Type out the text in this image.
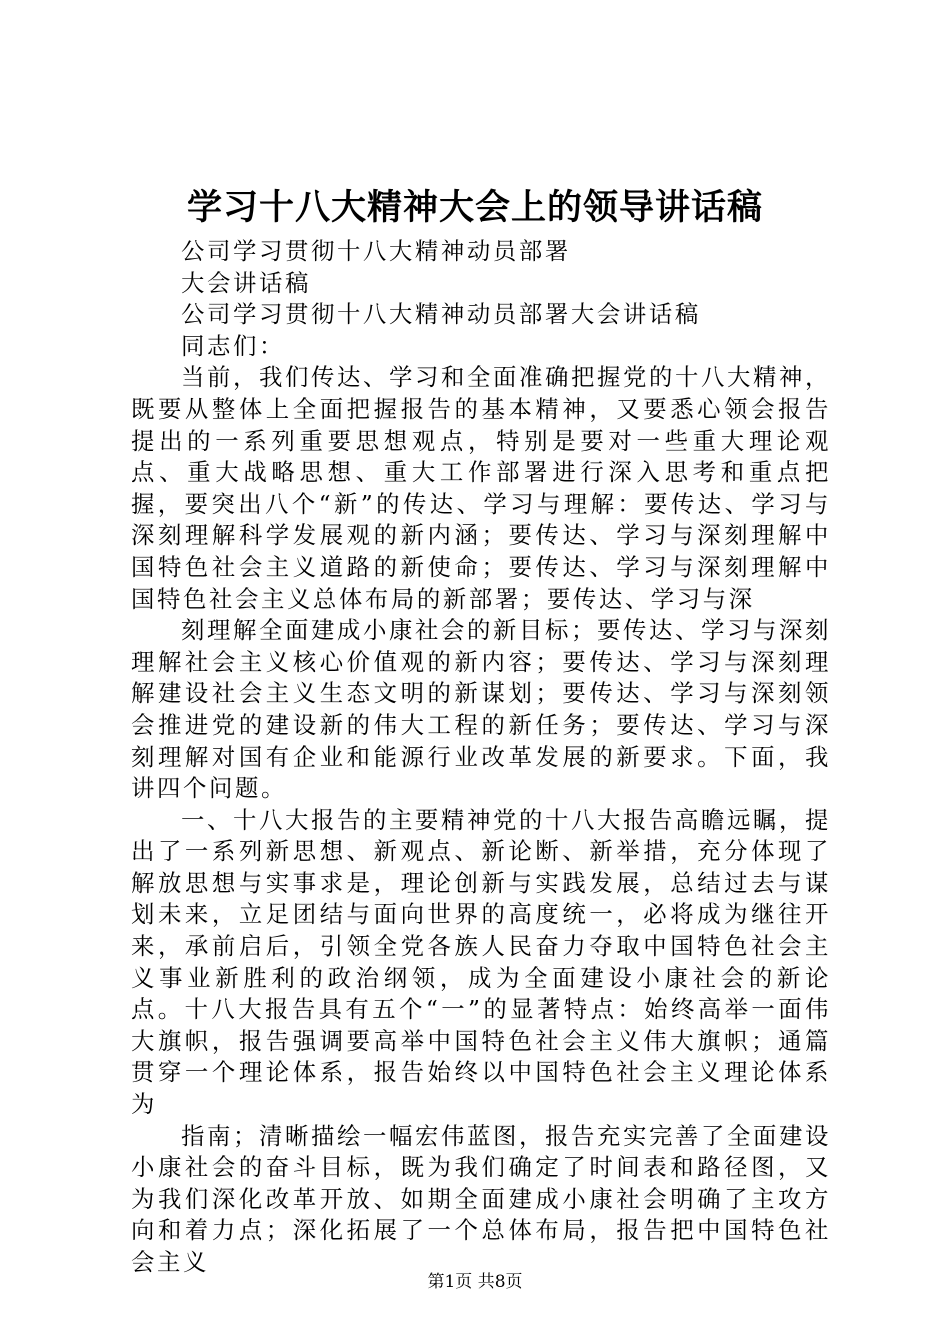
学习十八大精神大会上的领导讲话稿

公司学习贯彻十八大精神动员部署

大会讲话稿

公司学习贯彻十八大精神动员部署大会讲话稿

同志们：

当前，我们传达、学习和全面准确把握党的十八大精神，既要从整体上全面把握报告的基本精神，又要悉心领会报告提出的一系列重要思想观点，特别是要对一些重大理论观点、重大战略思想、重大工作部署进行深入思考和重点把握，要突出八个“新”的传达、学习与理解：要传达、学习与深刻理解科学发展观的新内涵；要传达、学习与深刻理解中国特色社会主义道路的新使命；要传达、学习与深刻理解中国特色社会主义总体布局的新部署；要传达、学习与深

刻理解全面建成小康社会的新目标；要传达、学习与深刻理解社会主义核心价值观的新内容；要传达、学习与深刻理解建设社会主义生态文明的新谋划；要传达、学习与深刻领会推进党的建设新的伟大工程的新任务；要传达、学习与深刻理解对国有企业和能源行业改革发展的新要求。下面，我讲四个问题。

一、十八大报告的主要精神党的十八大报告高瞻远瞩，提出了一系列新思想、新观点、新论断、新举措，充分体现了解放思想与实事求是，理论创新与实践发展，总结过去与谋划未来，立足团结与面向世界的高度统一，必将成为继往开来，承前启后，引领全党各族人民奋力夺取中国特色社会主义事业新胜利的政治纲领，成为全面建设小康社会的新论点。十八大报告具有五个“一”的显著特点：始终高举一面伟大旗帜，报告强调要高举中国特色社会主义伟大旗帜；通篇贯穿一个理论体系，报告始终以中国特色社会主义理论体系为

指南；清晰描绘一幅宏伟蓝图，报告充实完善了全面建设小康社会的奋斗目标，既为我们确定了时间表和路径图，又为我们深化改革开放、如期全面建成小康社会明确了主攻方向和着力点；深化拓展了一个总体布局，报告把中国特色社会主义

第1页 共8页
